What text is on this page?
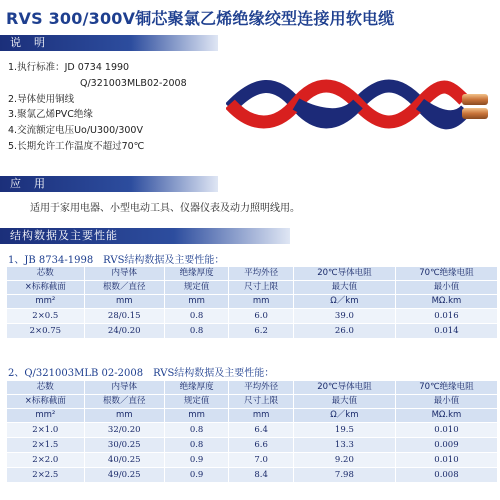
RVS 300/300V铜芯聚氯乙烯绝缘绞型连接用软电缆
说　明
1.执行标准：JD 0734 1990
Q/321003MLB02-2008
2.导体使用铜线
3.聚氯乙烯PVC绝缘
4.交流额定电压Uo/U300/300V
5.长期允许工作温度不超过70℃
应　用
适用于家用电器、小型电动工具、仪器仪表及动力照明线用。
结构数据及主要性能
1、JB 8734-1998　RVS结构数据及主要性能：
芯数	内导体	绝缘厚度	平均外径	20℃导体电阻	70℃绝缘电阻
×标称截面	根数／直径	规定值	尺寸上限	最大值	最小值
mm²	mm	mm	mm	Ω／km	MΩ.km
2×0.5	28/0.15	0.8	6.0	39.0	0.016
2×0.75	24/0.20	0.8	6.2	26.0	0.014
2、Q/321003MLB 02-2008　RVS结构数据及主要性能：
芯数	内导体	绝缘厚度	平均外径	20℃导体电阻	70℃绝缘电阻
×标称截面	根数／直径	规定值	尺寸上限	最大值	最小值
mm²	mm	mm	mm	Ω／km	MΩ.km
2×1.0	32/0.20	0.8	6.4	19.5	0.010
2×1.5	30/0.25	0.8	6.6	13.3	0.009
2×2.0	40/0.25	0.9	7.0	9.20	0.010
2×2.5	49/0.25	0.9	8.4	7.98	0.008
